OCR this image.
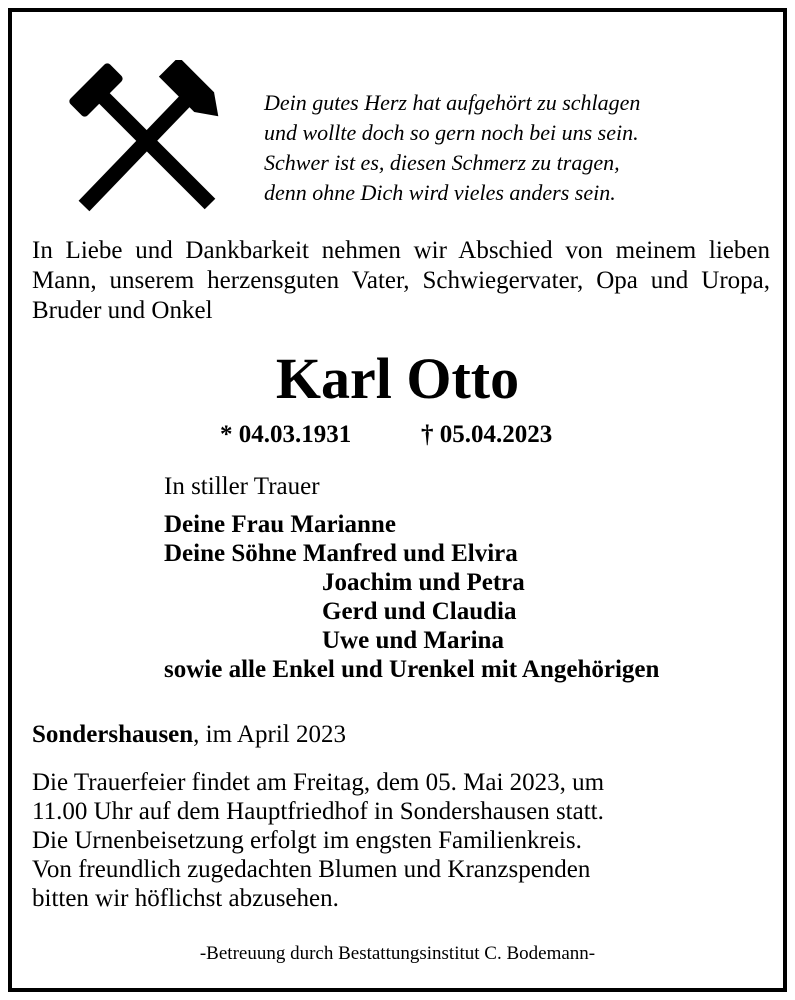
Dein gutes Herz hat aufgehört zu schlagen
und wollte doch so gern noch bei uns sein.
Schwer ist es, diesen Schmerz zu tragen,
denn ohne Dich wird vieles anders sein.
In Liebe und Dankbarkeit nehmen wir Abschied von meinem lieben Mann, unserem herzensguten Vater, Schwiegervater, Opa und Uropa, Bruder und Onkel
Karl Otto
* 04.03.1931	† 05.04.2023
In stiller Trauer
Deine Frau Marianne
Deine Söhne Manfred und Elvira
Joachim und Petra
Gerd und Claudia
Uwe und Marina
sowie alle Enkel und Urenkel mit Angehörigen
Sondershausen, im April 2023
Die Trauerfeier findet am Freitag, dem 05. Mai 2023, um
11.00 Uhr auf dem Hauptfriedhof in Sondershausen statt.
Die Urnenbeisetzung erfolgt im engsten Familienkreis.
Von freundlich zugedachten Blumen und Kranzspenden
bitten wir höflichst abzusehen.
-Betreuung durch Bestattungsinstitut C. Bodemann-
